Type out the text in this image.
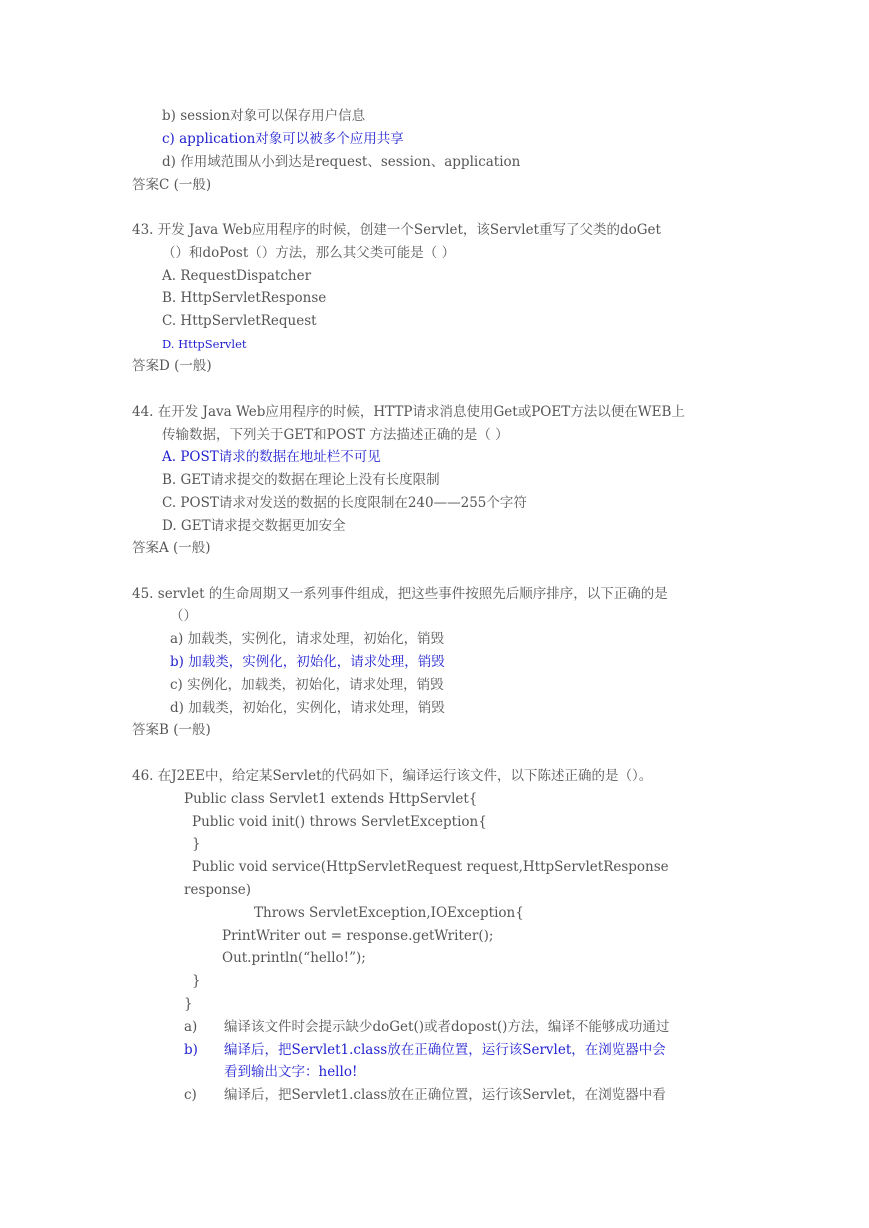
b) session对象可以保存用户信息
c) application对象可以被多个应用共享
d) 作用域范围从小到达是request、session、application
答案C (一般)
43. 开发 Java Web应用程序的时候，创建一个Servlet，该Servlet重写了父类的doGet
（）和doPost（）方法，那么其父类可能是（ ）
A. RequestDispatcher
B. HttpServletResponse
C. HttpServletRequest
D. HttpServlet
答案D (一般)
44. 在开发 Java Web应用程序的时候，HTTP请求消息使用Get或POET方法以便在WEB上
传输数据，下列关于GET和POST 方法描述正确的是（ ）
A. POST请求的数据在地址栏不可见
B. GET请求提交的数据在理论上没有长度限制
C. POST请求对发送的数据的长度限制在240——255个字符
D. GET请求提交数据更加安全
答案A (一般)
45. servlet 的生命周期又一系列事件组成，把这些事件按照先后顺序排序，以下正确的是
（）
a) 加载类，实例化，请求处理，初始化，销毁
b) 加载类，实例化，初始化，请求处理，销毁
c) 实例化，加载类，初始化，请求处理，销毁
d) 加载类，初始化，实例化，请求处理，销毁
答案B (一般)
46. 在J2EE中，给定某Servlet的代码如下，编译运行该文件，以下陈述正确的是（）。
Public class Servlet1 extends HttpServlet{
Public void init() throws ServletException{
}
Public void service(HttpServletRequest request,HttpServletResponse
response)
Throws ServletException,IOException{
PrintWriter out = response.getWriter();
Out.println(“hello!”);
}
}
a) 编译该文件时会提示缺少doGet()或者dopost()方法，编译不能够成功通过
b) 编译后，把Servlet1.class放在正确位置，运行该Servlet，在浏览器中会
看到输出文字：hello!
c) 编译后，把Servlet1.class放在正确位置，运行该Servlet，在浏览器中看
